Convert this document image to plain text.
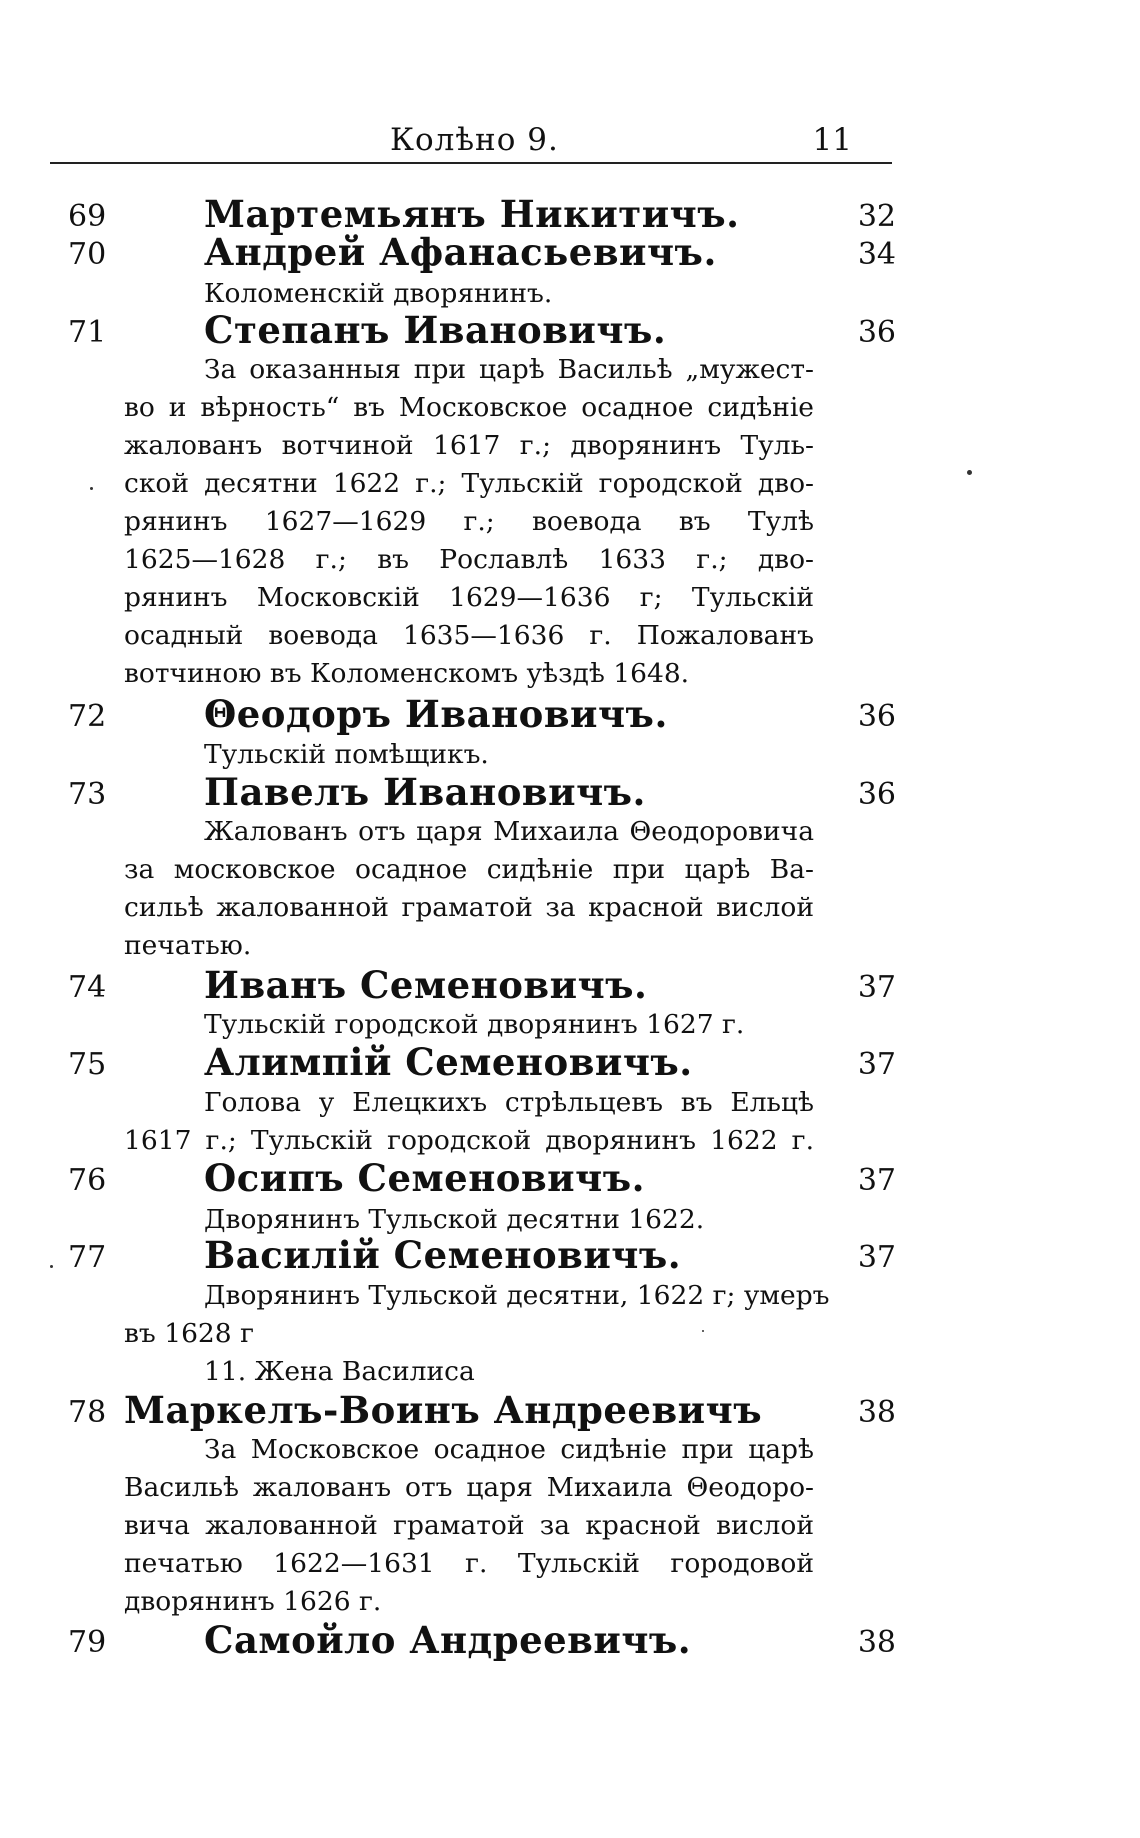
Колѣно 9.	11
69	Мартемьянъ Никитичъ.	32
70	Андрей Афанасьевичъ.	34
Коломенскій дворянинъ.
71	Степанъ Ивановичъ.	36
За оказанныя при царѣ Васильѣ „мужест-
во и вѣрность“ въ Московское осадное сидѣніе
жалованъ вотчиной 1617 г.; дворянинъ Туль-
ской десятни 1622 г.; Тульскій городской дво-
рянинъ 1627—1629 г.; воевода въ Тулѣ
1625—1628 г.; въ Рославлѣ 1633 г.; дво-
рянинъ Московскій 1629—1636 г; Тульскій
осадный воевода 1635—1636 г. Пожалованъ
вотчиною въ Коломенскомъ уѣздѣ 1648.
72	Θеодоръ Ивановичъ.	36
Тульскій помѣщикъ.
73	Павелъ Ивановичъ.	36
Жалованъ отъ царя Михаила Θеодоровича
за московское осадное сидѣніе при царѣ Ва-
сильѣ жалованной граматой за красной вислой
печатью.
74	Иванъ Семеновичъ.	37
Тульскій городской дворянинъ 1627 г.
75	Алимпій Семеновичъ.	37
Голова у Елецкихъ стрѣльцевъ въ Ельцѣ
1617 г.; Тульскій городской дворянинъ 1622 г.
76	Осипъ Семеновичъ.	37
Дворянинъ Тульской десятни 1622.
77	Василій Семеновичъ.	37
Дворянинъ Тульской десятни, 1622 г; умеръ
въ 1628 г
11. Жена Василиса
78 Маркелъ-Воинъ Андреевичъ	38
За Московское осадное сидѣніе при царѣ
Васильѣ жалованъ отъ царя Михаила Θеодоро-
вича жалованной граматой за красной вислой
печатью 1622—1631 г. Тульскій городовой
дворянинъ 1626 г.
79	Самойло Андреевичъ.	38
